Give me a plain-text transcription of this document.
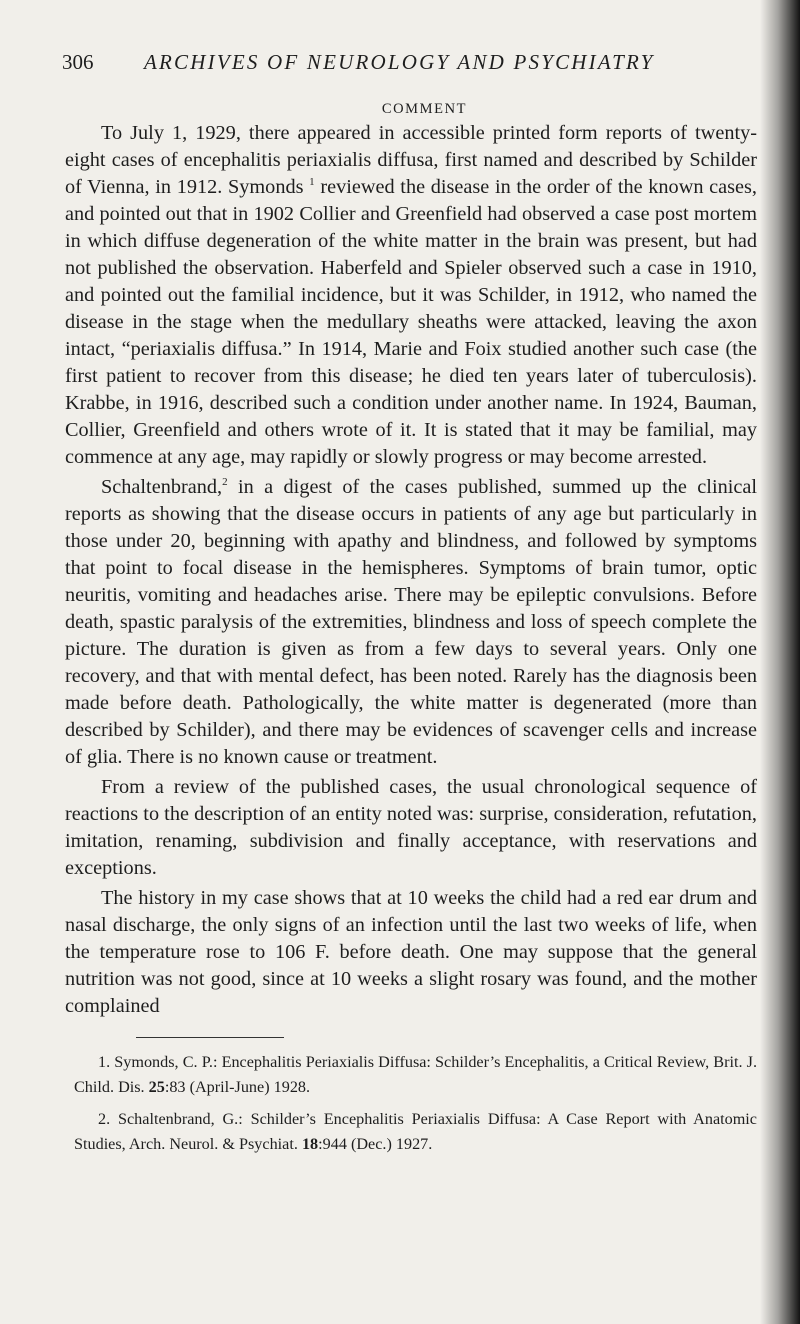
306 ARCHIVES OF NEUROLOGY AND PSYCHIATRY
COMMENT

To July 1, 1929, there appeared in accessible printed form reports of twenty-eight cases of encephalitis periaxialis diffusa, first named and described by Schilder of Vienna, in 1912. Symonds $^1$ reviewed the disease in the order of the known cases, and pointed out that in 1902 Collier and Greenfield had observed a case post mortem in which diffuse degeneration of the white matter in the brain was present, but had not published the observation. Haberfeld and Spieler observed such a case in 1910, and pointed out the familial incidence, but it was Schilder, in 1912, who named the disease in the stage when the medullary sheaths were attacked, leaving the axon intact, “periaxialis diffusa.” In 1914, Marie and Foix studied another such case (the first patient to recover from this disease; he died ten years later of tuberculosis). Krabbe, in 1916, described such a condition under another name. In 1924, Bauman, Collier, Greenfield and others wrote of it. It is stated that it may be familial, may commence at any age, may rapidly or slowly progress or may become arrested.

Schaltenbrand,$^2$ in a digest of the cases published, summed up the clinical reports as showing that the disease occurs in patients of any age but particularly in those under 20, beginning with apathy and blindness, and followed by symptoms that point to focal disease in the hemispheres. Symptoms of brain tumor, optic neuritis, vomiting and headaches arise. There may be epileptic convulsions. Before death, spastic paralysis of the extremities, blindness and loss of speech complete the picture. The duration is given as from a few days to several years. Only one recovery, and that with mental defect, has been noted. Rarely has the diagnosis been made before death. Pathologically, the white matter is degenerated (more than described by Schilder), and there may be evidences of scavenger cells and increase of glia. There is no known cause or treatment.

From a review of the published cases, the usual chronological sequence of reactions to the description of an entity noted was: surprise, consideration, refutation, imitation, renaming, subdivision and finally acceptance, with reservations and exceptions.

The history in my case shows that at 10 weeks the child had a red ear drum and nasal discharge, the only signs of an infection until the last two weeks of life, when the temperature rose to 106 F. before death. One may suppose that the general nutrition was not good, since at 10 weeks a slight rosary was found, and the mother complained

1. Symonds, C. P.: Encephalitis Periaxialis Diffusa: Schilder’s Encephalitis, a Critical Review, Brit. J. Child. Dis. 25:83 (April-June) 1928.

2. Schaltenbrand, G.: Schilder’s Encephalitis Periaxialis Diffusa: A Case Report with Anatomic Studies, Arch. Neurol. & Psychiat. 18:944 (Dec.) 1927.
